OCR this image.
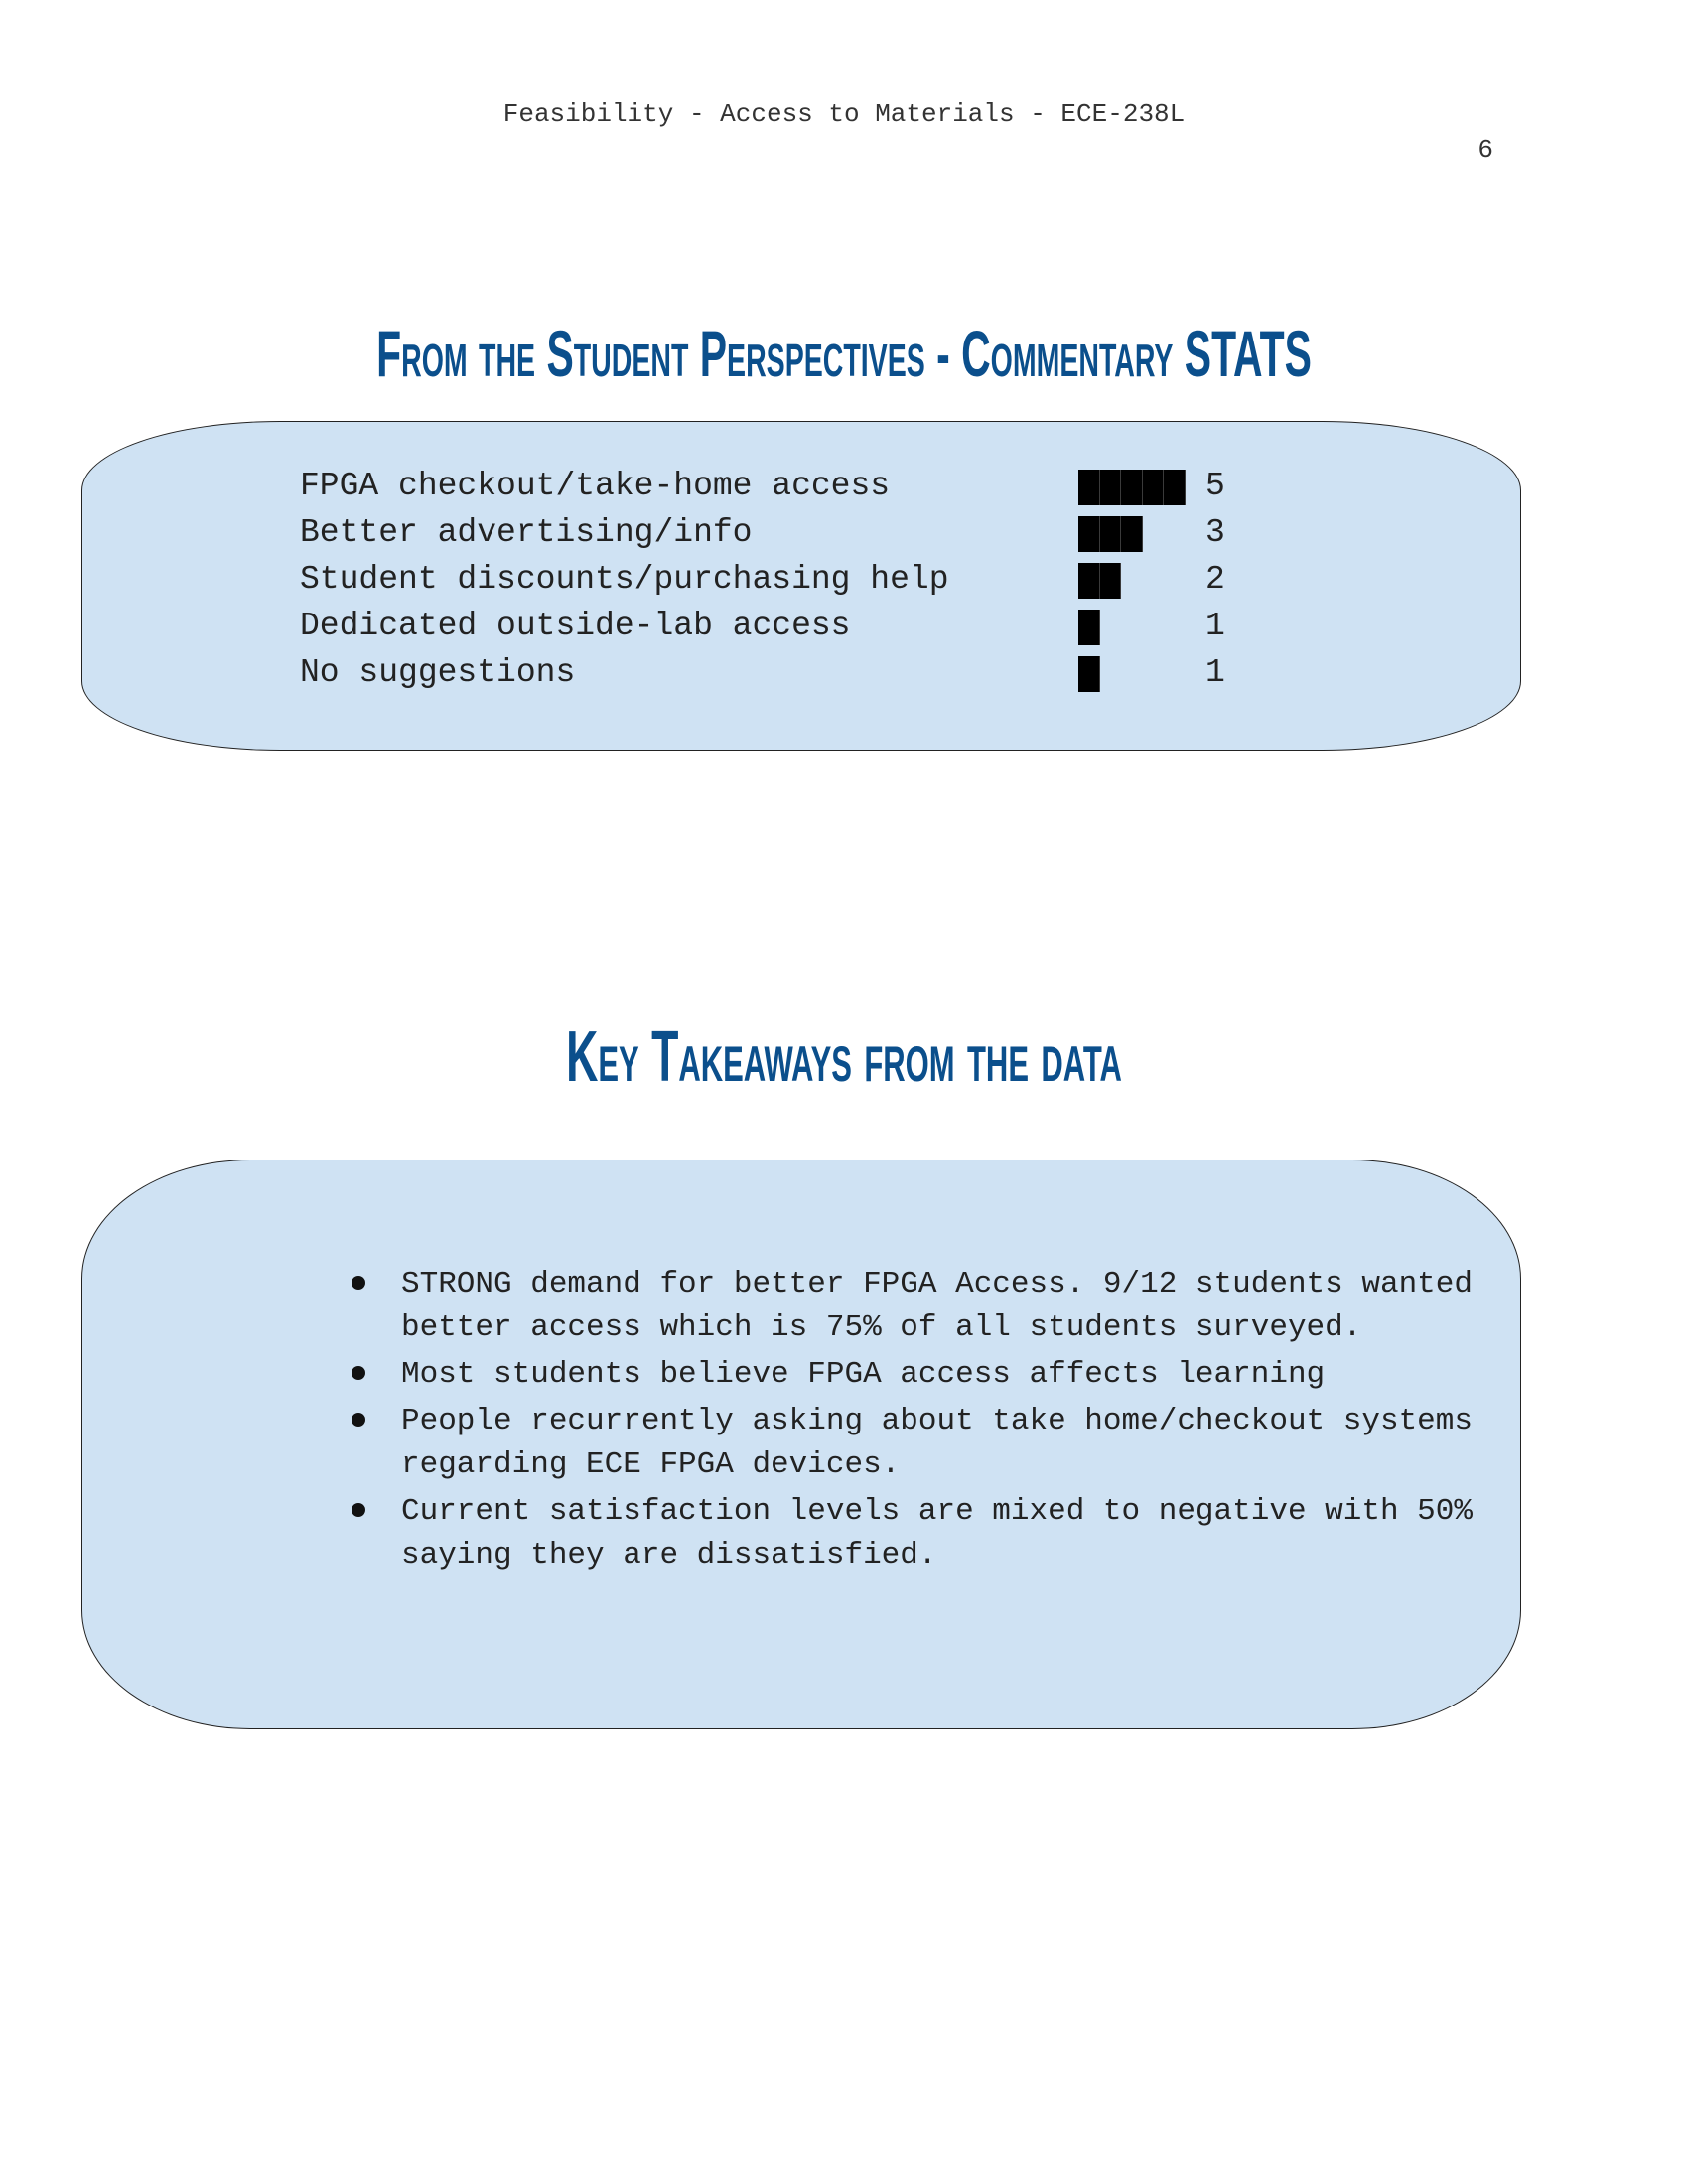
Feasibility - Access to Materials - ECE-238L
6
From the Student Perspectives - Commentary STATS
FPGA checkout/take-home access	5
Better advertising/info	3
Student discounts/purchasing help	2
Dedicated outside-lab access	1
No suggestions	1
Key Takeaways from the data
STRONG demand for better FPGA Access. 9/12 students wanted better access which is 75% of all students surveyed.
Most students believe FPGA access affects learning
People recurrently asking about take home/checkout systems regarding ECE FPGA devices.
Current satisfaction levels are mixed to negative with 50% saying they are dissatisfied.
